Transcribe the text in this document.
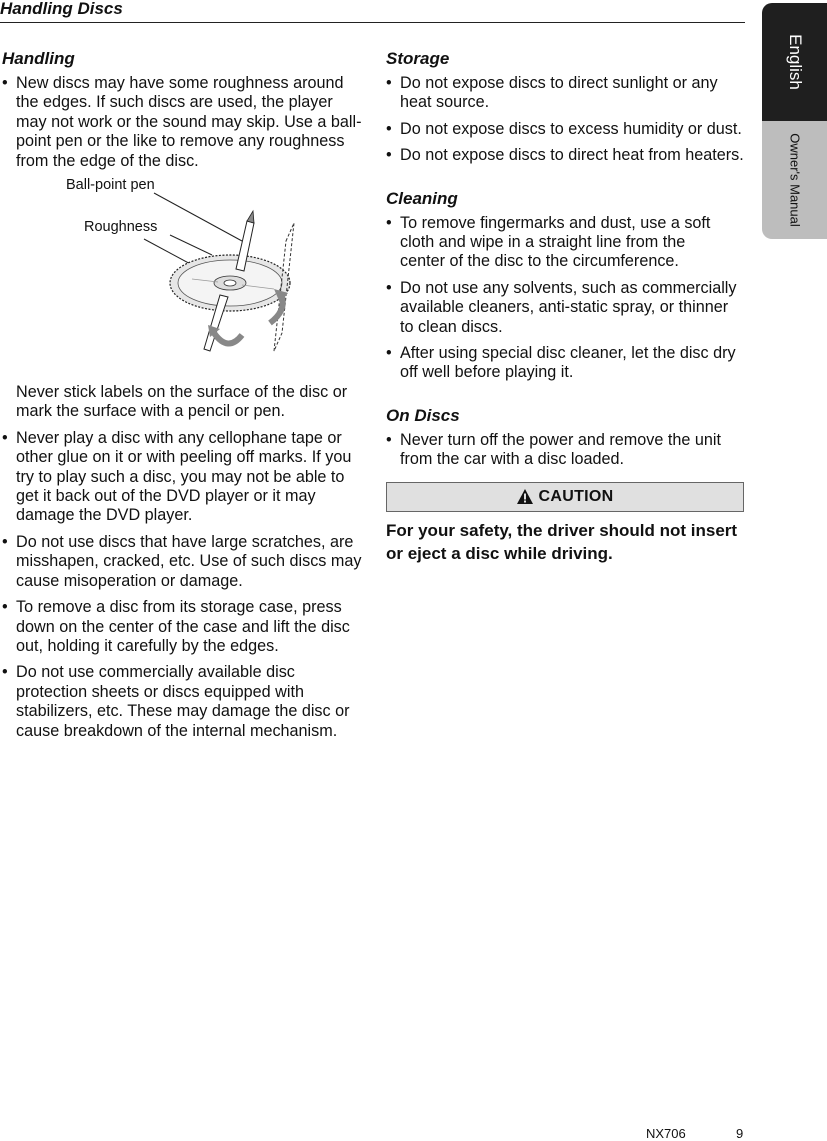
Handling Discs
English
Owner's Manual
Handling
• New discs may have some roughness around the edges. If such discs are used, the player may not work or the sound may skip. Use a ball-point pen or the like to remove any roughness from the edge of the disc.
Ball-point pen
Roughness

Never stick labels on the surface of the disc or mark the surface with a pencil or pen.

• Never play a disc with any cellophane tape or other glue on it or with peeling off marks. If you try to play such a disc, you may not be able to get it back out of the DVD player or it may damage the DVD player.
• Do not use discs that have large scratches, are misshapen, cracked, etc. Use of such discs may cause misoperation or damage.
• To remove a disc from its storage case, press down on the center of the case and lift the disc out, holding it carefully by the edges.
• Do not use commercially available disc protection sheets or discs equipped with stabilizers, etc. These may damage the disc or cause breakdown of the internal mechanism.
Storage
• Do not expose discs to direct sunlight or any heat source.
• Do not expose discs to excess humidity or dust.
• Do not expose discs to direct heat from heaters.
Cleaning
• To remove fingermarks and dust, use a soft cloth and wipe in a straight line from the center of the disc to the circumference.
• Do not use any solvents, such as commercially available cleaners, anti-static spray, or thinner to clean discs.
• After using special disc cleaner, let the disc dry off well before playing it.
On Discs
• Never turn off the power and remove the unit from the car with a disc loaded.
CAUTION
For your safety, the driver should not insert or eject a disc while driving.
NX706	9
